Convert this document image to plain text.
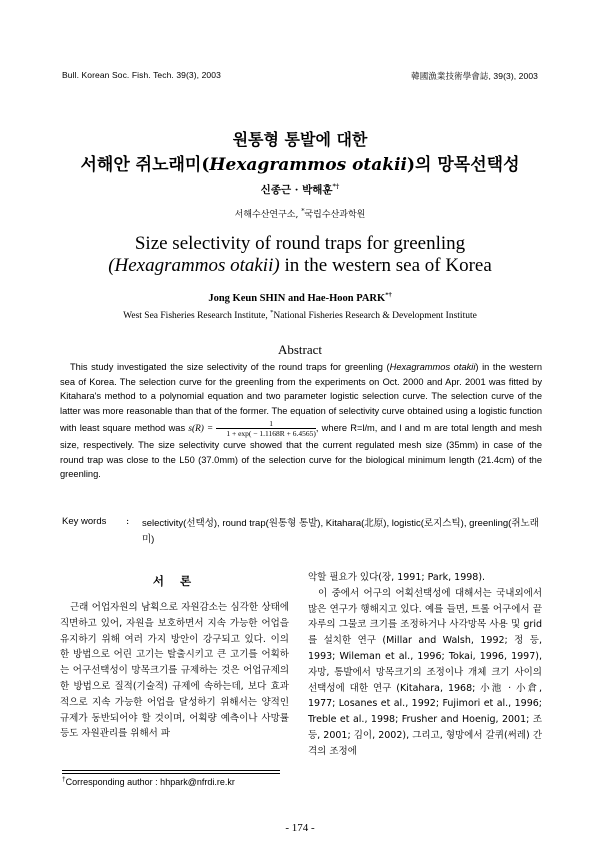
Bull. Korean Soc. Fish. Tech. 39(3), 2003	韓國漁業技術學會誌, 39(3), 2003
원통형 통발에 대한
서해안 쥐노래미(Hexagrammos otakii)의 망목선택성
신종근 · 박해훈*†
서해수산연구소, *국립수산과학원
Size selectivity of round traps for greenling
(Hexagrammos otakii) in the western sea of Korea
Jong Keun SHIN and Hae-Hoon PARK*†
West Sea Fisheries Research Institute, *National Fisheries Research & Development Institute
Abstract
This study investigated the size selectivity of the round traps for greenling (Hexagrammos otakii) in the western sea of Korea. The selection curve for the greenling from the experiments on Oct. 2000 and Apr. 2001 was fitted by Kitahara's method to a polynomial equation and two parameter logistic selection curve. The selection curve of the latter was more reasonable than that of the former. The equation of selectivity curve obtained using a logistic function with least square method was $s(R) = \frac{1}{1 + \exp( - 1.1168R + 6.4565)}$ , where R=l/m, and l and m are total length and mesh size, respectively. The size selectivity curve showed that the current regulated mesh size (35mm) in case of the round trap was close to the L50 (37.0mm) of the selection curve for the biological minimum length (21.4cm) of the greenling.
Key words : selectivity(선택성), round trap(원통형 통발), Kitahara(北原), logistic(로지스틱), greenling(쥐노래미)
서 론
근래 어업자원의 남획으로 자원감소는 심각한 상태에 직면하고 있어, 자원을 보호하면서 지속 가능한 어업을 유지하기 위해 여러 가지 방안이 강구되고 있다. 이의 한 방법으로 어린 고기는 탈출시키고 큰 고기를 어획하는 어구선택성이 망목크기를 규제하는 것은 어업규제의 한 방법으로 질적(기술적) 규제에 속하는데, 보다 효과적으로 지속 가능한 어업을 달성하기 위해서는 양적인 규제가 동반되어야 할 것이며, 어획량 예측이나 사망률 등도 자원관리를 위해서 파

악할 필요가 있다(장, 1991; Park, 1998).

이 중에서 어구의 어획선택성에 대해서는 국내외에서 많은 연구가 행해지고 있다. 예를 들면, 트롤 어구에서 끝자루의 그물코 크기를 조정하거나 사각망목 사용 및 grid를 설치한 연구 (Millar and Walsh, 1992; 정 등, 1993; Wileman et al., 1996; Tokai, 1996, 1997), 자망, 통발에서 망목크기의 조정이나 개체 크기 사이의 선택성에 대한 연구 (Kitahara, 1968; 小池 · 小倉, 1977; Losanes et al., 1992; Fujimori et al., 1996; Treble et al., 1998; Frusher and Hoenig, 2001; 조 등, 2001; 김이, 2002), 그리고, 형망에서 갈퀴(써레) 간격의 조정에

†Corresponding author : hhpark@nfrdi.re.kr
- 174 -
